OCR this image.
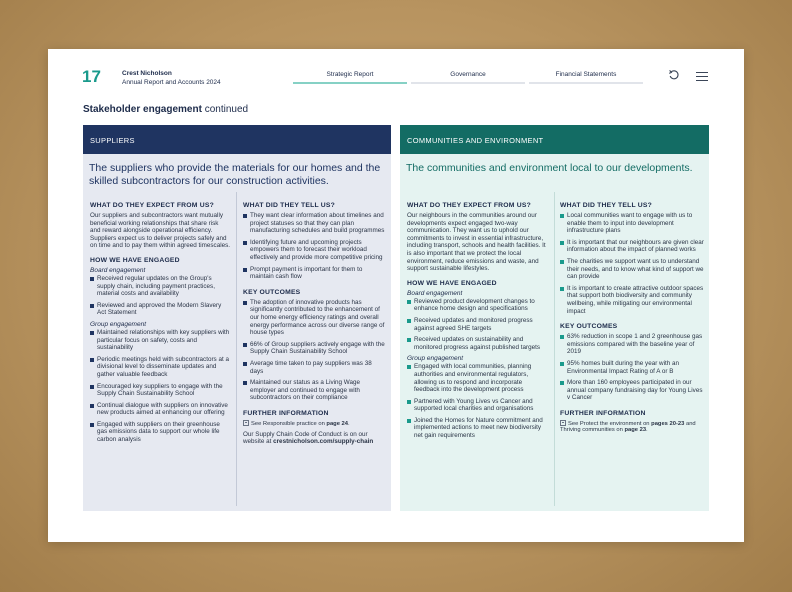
17	Crest Nicholson
Annual Report and Accounts 2024
Strategic Report	Governance	Financial Statements
Stakeholder engagement continued
SUPPLIERS
The suppliers who provide the materials for our homes and the skilled subcontractors for our construction activities.
WHAT DO THEY EXPECT FROM US?
Our suppliers and subcontractors want mutually beneficial working relationships that share risk and reward alongside operational efficiency. Suppliers expect us to deliver projects safely and on time and to pay them within agreed timescales.
HOW WE HAVE ENGAGED
Board engagement
Received regular updates on the Group's supply chain, including payment practices, material costs and availability
Reviewed and approved the Modern Slavery Act Statement
Group engagement
Maintained relationships with key suppliers with particular focus on safety, costs and sustainability
Periodic meetings held with subcontractors at a divisional level to disseminate updates and gather valuable feedback
Encouraged key suppliers to engage with the Supply Chain Sustainability School
Continual dialogue with suppliers on innovative new products aimed at enhancing our offering
Engaged with suppliers on their greenhouse gas emissions data to support our whole life carbon analysis
WHAT DID THEY TELL US?
They want clear information about timelines and project statuses so that they can plan manufacturing schedules and build programmes
Identifying future and upcoming projects empowers them to forecast their workload effectively and provide more competitive pricing
Prompt payment is important for them to maintain cash flow
KEY OUTCOMES
The adoption of innovative products has significantly contributed to the enhancement of our home energy efficiency ratings and overall energy performance across our diverse range of house types
66% of Group suppliers actively engage with the Supply Chain Sustainability School
Average time taken to pay suppliers was 38 days
Maintained our status as a Living Wage employer and continued to engage with subcontractors on their compliance
FURTHER INFORMATION
See Responsible practice on page 24.
Our Supply Chain Code of Conduct is on our website at crestnicholson.com/supply-chain
COMMUNITIES AND ENVIRONMENT
The communities and environment local to our developments.
WHAT DO THEY EXPECT FROM US?
Our neighbours in the communities around our developments expect engaged two-way communication. They want us to uphold our commitments to invest in essential infrastructure, including transport, schools and health facilities. It is also important that we protect the local environment, reduce emissions and waste, and support sustainable lifestyles.
HOW WE HAVE ENGAGED
Board engagement
Reviewed product development changes to enhance home design and specifications
Received updates and monitored progress against agreed SHE targets
Received updates on sustainability and monitored progress against published targets
Group engagement
Engaged with local communities, planning authorities and environmental regulators, allowing us to respond and incorporate feedback into the development process
Partnered with Young Lives vs Cancer and supported local charities and organisations
Joined the Homes for Nature commitment and implemented actions to meet new biodiversity net gain requirements
WHAT DID THEY TELL US?
Local communities want to engage with us to enable them to input into development infrastructure plans
It is important that our neighbours are given clear information about the impact of planned works
The charities we support want us to understand their needs, and to know what kind of support we can provide
It is important to create attractive outdoor spaces that support both biodiversity and community wellbeing, while mitigating our environmental impact
KEY OUTCOMES
63% reduction in scope 1 and 2 greenhouse gas emissions compared with the baseline year of 2019
95% homes built during the year with an Environmental Impact Rating of A or B
More than 160 employees participated in our annual company fundraising day for Young Lives v Cancer
FURTHER INFORMATION
See Protect the environment on pages 20-23 and Thriving communities on page 23.
